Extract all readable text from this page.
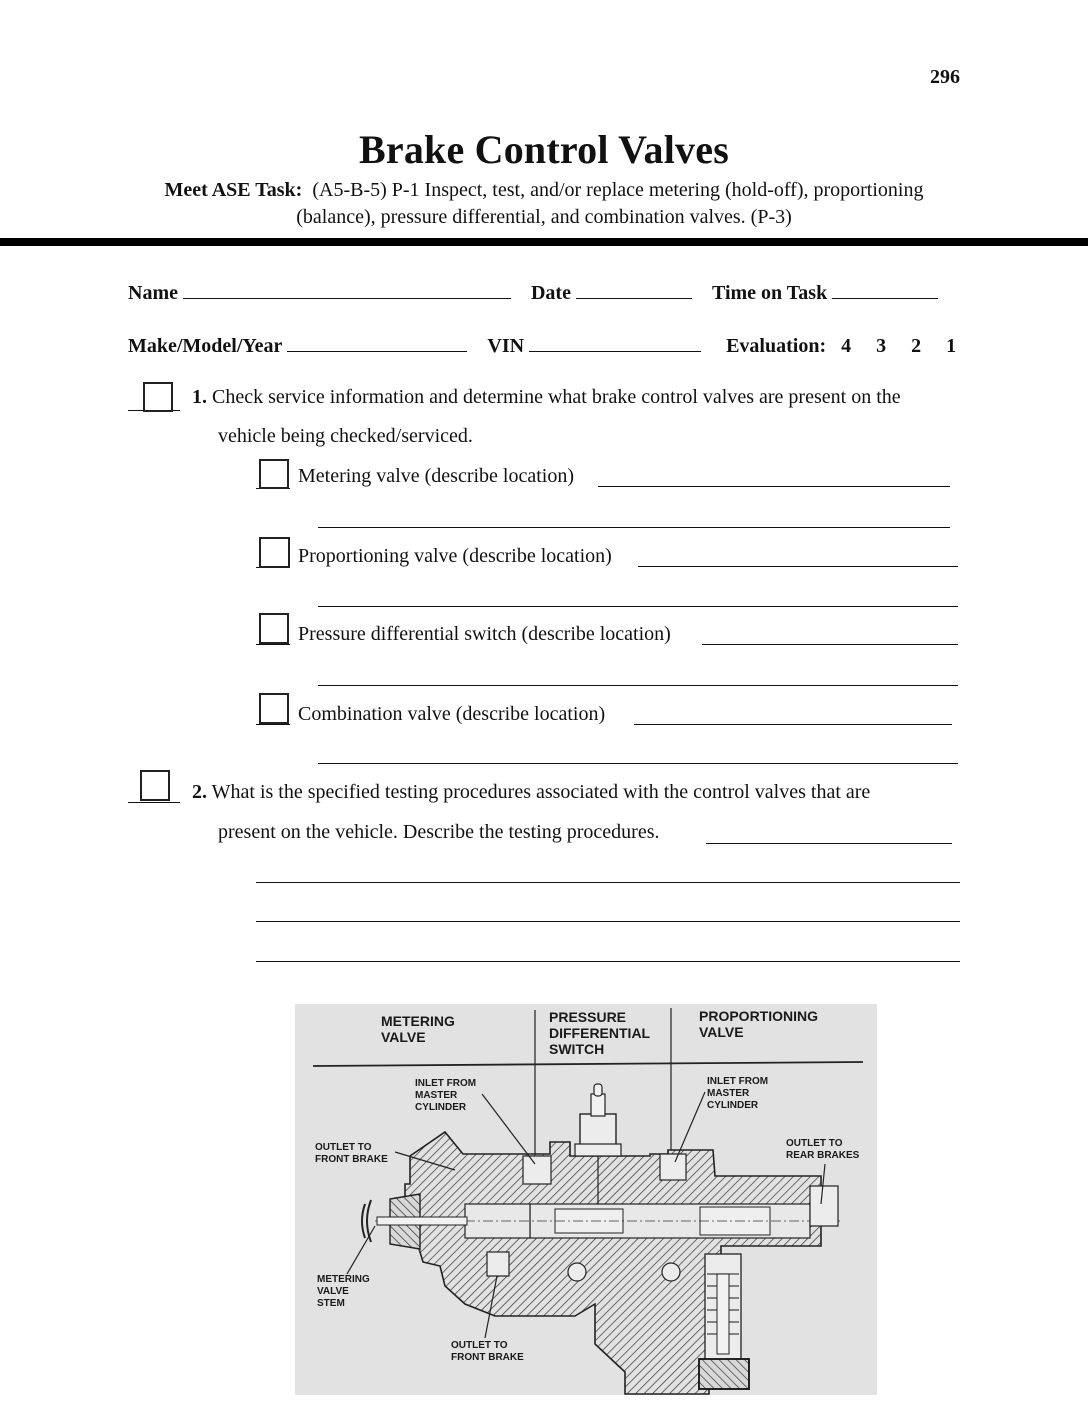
296
Brake Control Valves
Meet ASE Task: (A5-B-5) P-1 Inspect, test, and/or replace metering (hold-off), proportioning
(balance), pressure differential, and combination valves. (P-3)
Name	Date	Time on Task
Make/Model/Year	VIN	Evaluation: 4 3 2 1
1. Check service information and determine what brake control valves are present on the
vehicle being checked/serviced.
Metering valve (describe location)
Proportioning valve (describe location)
Pressure differential switch (describe location)
Combination valve (describe location)
2. What is the specified testing procedures associated with the control valves that are
present on the vehicle. Describe the testing procedures.
METERING
VALVE
PRESSURE
DIFFERENTIAL
SWITCH
PROPORTIONING
VALVE
INLET FROM
MASTER
CYLINDER
INLET FROM
MASTER
CYLINDER
OUTLET TO
FRONT BRAKE
OUTLET TO
REAR BRAKES
METERING
VALVE
STEM
OUTLET TO
FRONT BRAKE
